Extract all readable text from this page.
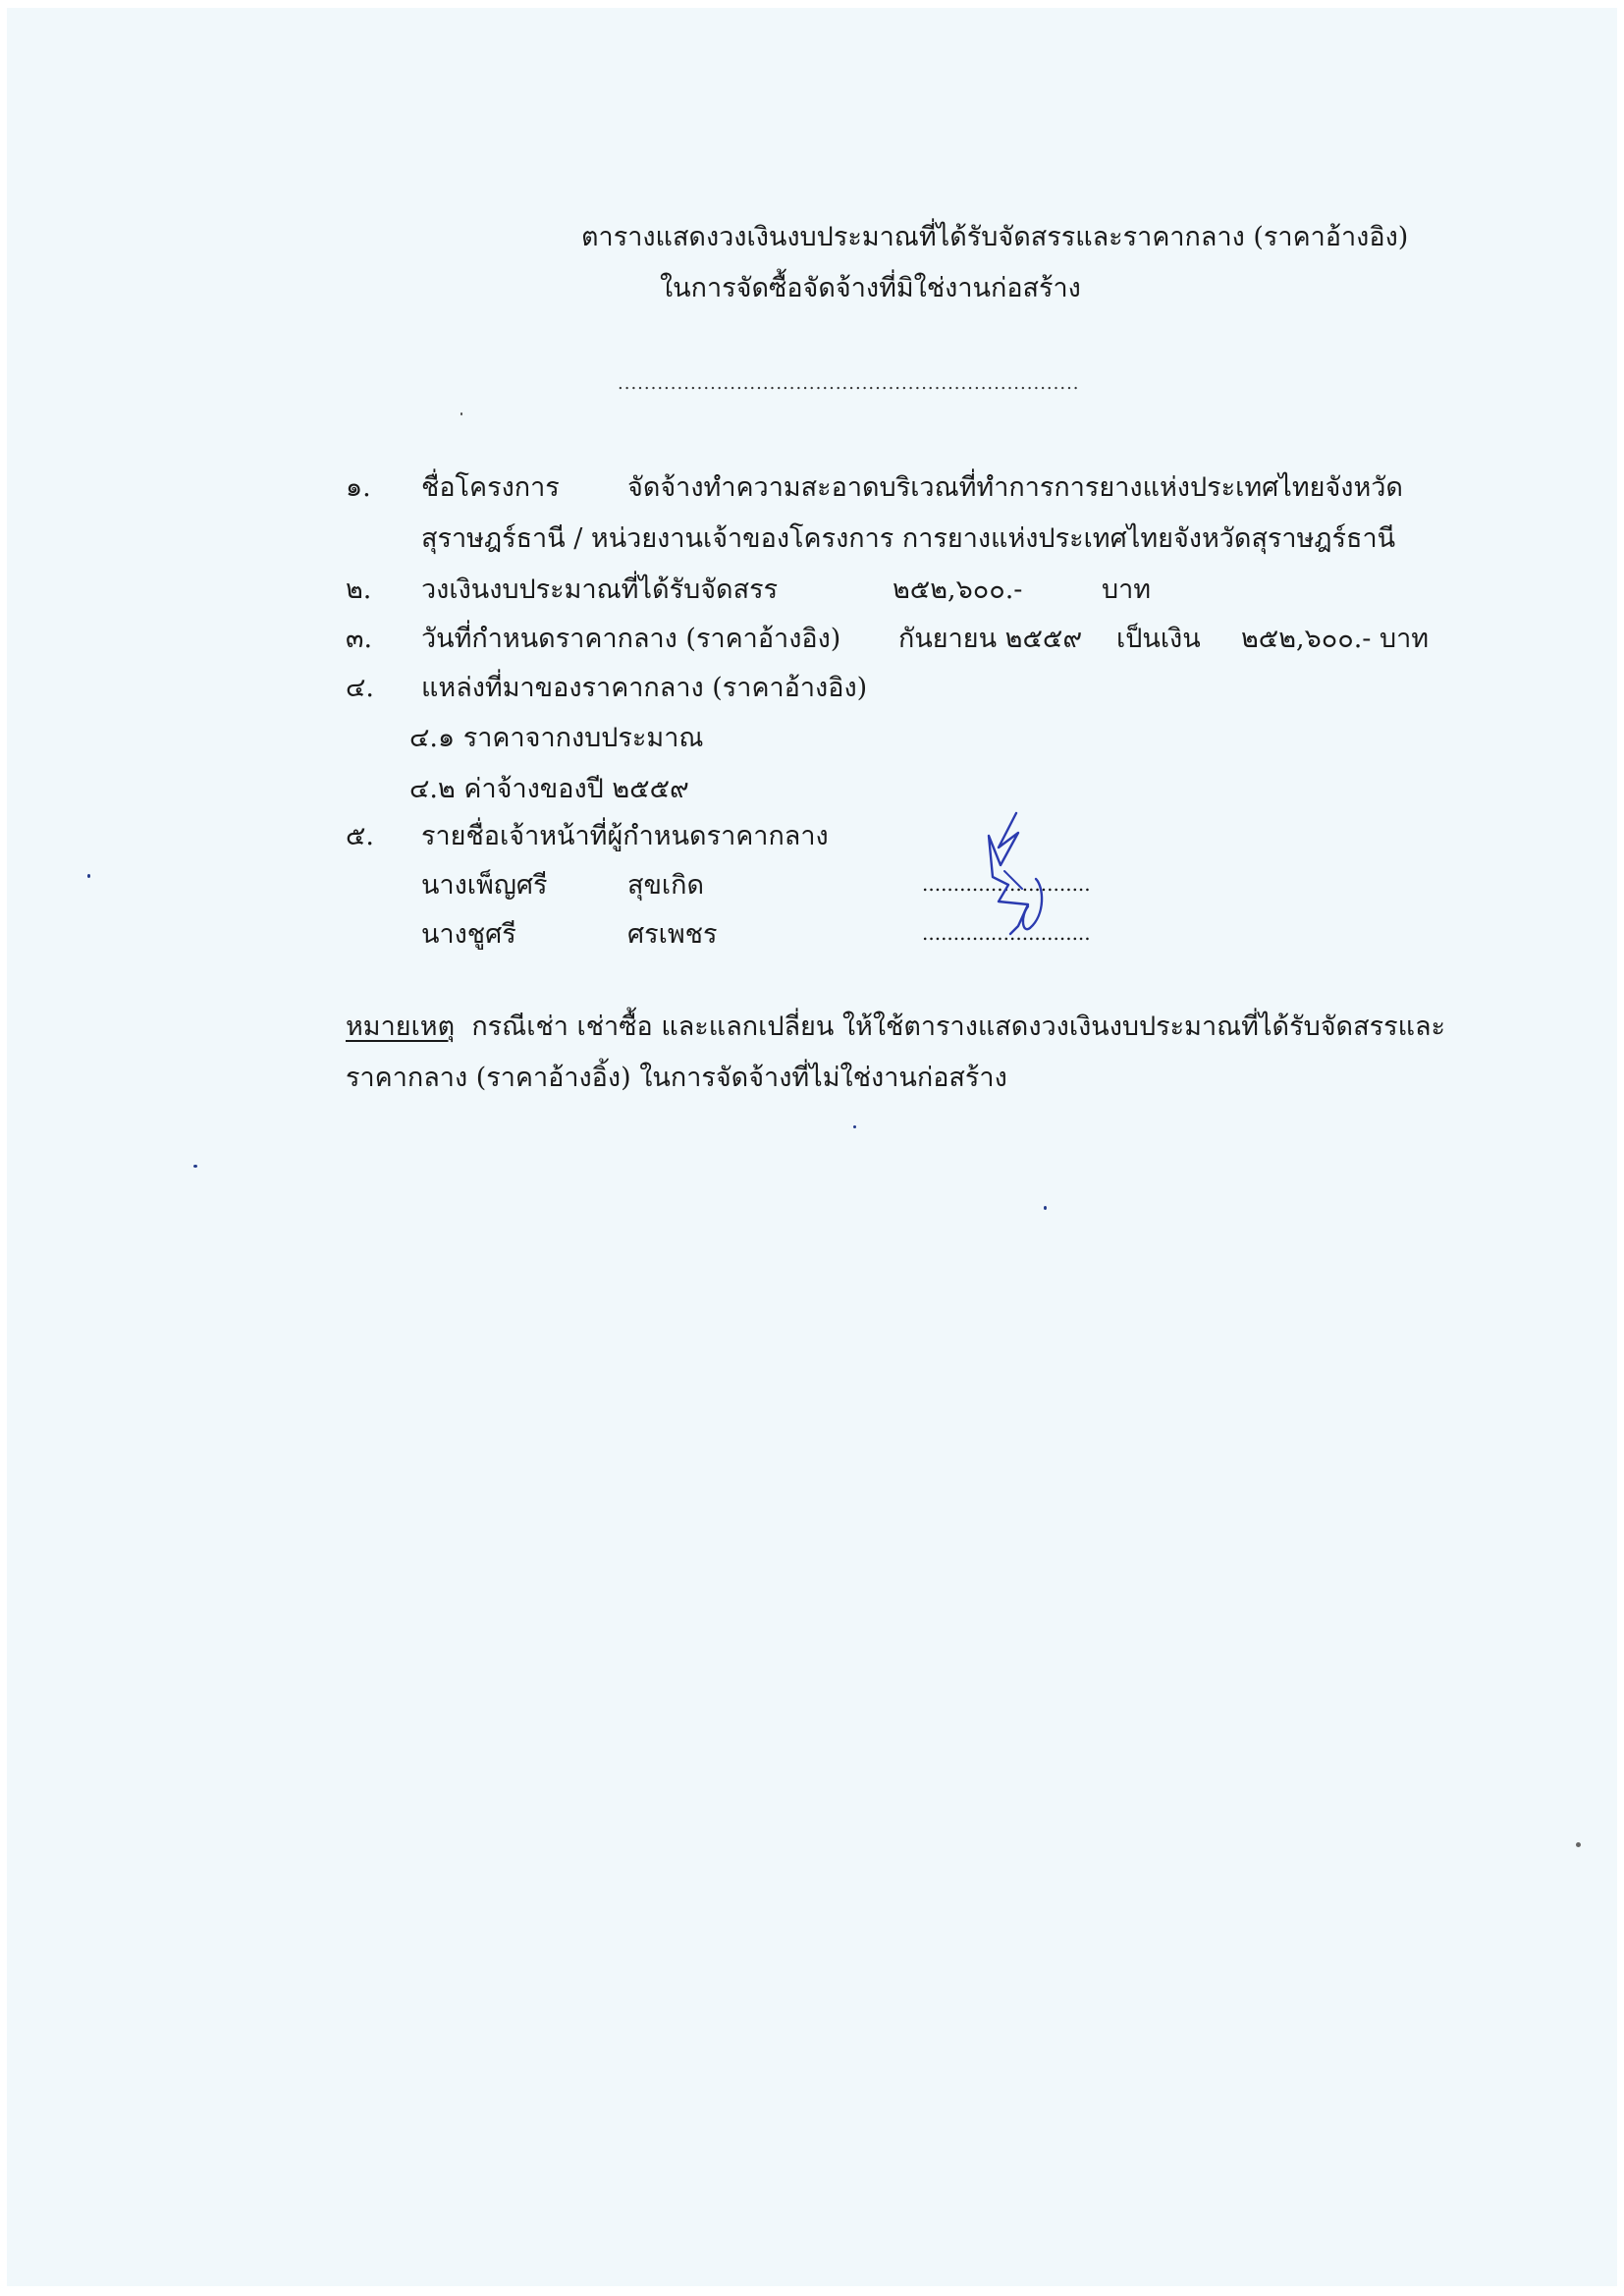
ตารางแสดงวงเงินงบประมาณที่ได้รับจัดสรรและราคากลาง (ราคาอ้างอิง)
ในการจัดซื้อจัดจ้างที่มิใช่งานก่อสร้าง
......................................................................
๑.	ชื่อโครงการ	จัดจ้างทำความสะอาดบริเวณที่ทำการการยางแห่งประเทศไทยจังหวัด
สุราษฎร์ธานี / หน่วยงานเจ้าของโครงการ การยางแห่งประเทศไทยจังหวัดสุราษฎร์ธานี
๒.	วงเงินงบประมาณที่ได้รับจัดสรร	๒๕๒,๖๐๐.-	บาท
๓.	วันที่กำหนดราคากลาง (ราคาอ้างอิง) กันยายน ๒๕๕๙ เป็นเงิน ๒๕๒,๖๐๐.- บาท
๔.	แหล่งที่มาของราคากลาง (ราคาอ้างอิง)
๔.๑ ราคาจากงบประมาณ
๔.๒ ค่าจ้างของปี ๒๕๕๙
๕.	รายชื่อเจ้าหน้าที่ผู้กำหนดราคากลาง
นางเพ็ญศรี	สุขเกิด	...........................
นางชูศรี	ศรเพชร	...........................
หมายเหตุ กรณีเช่า เช่าซื้อ และแลกเปลี่ยน ให้ใช้ตารางแสดงวงเงินงบประมาณที่ได้รับจัดสรรและ
ราคากลาง (ราคาอ้างอิ้ง) ในการจัดจ้างที่ไม่ใช่งานก่อสร้าง
